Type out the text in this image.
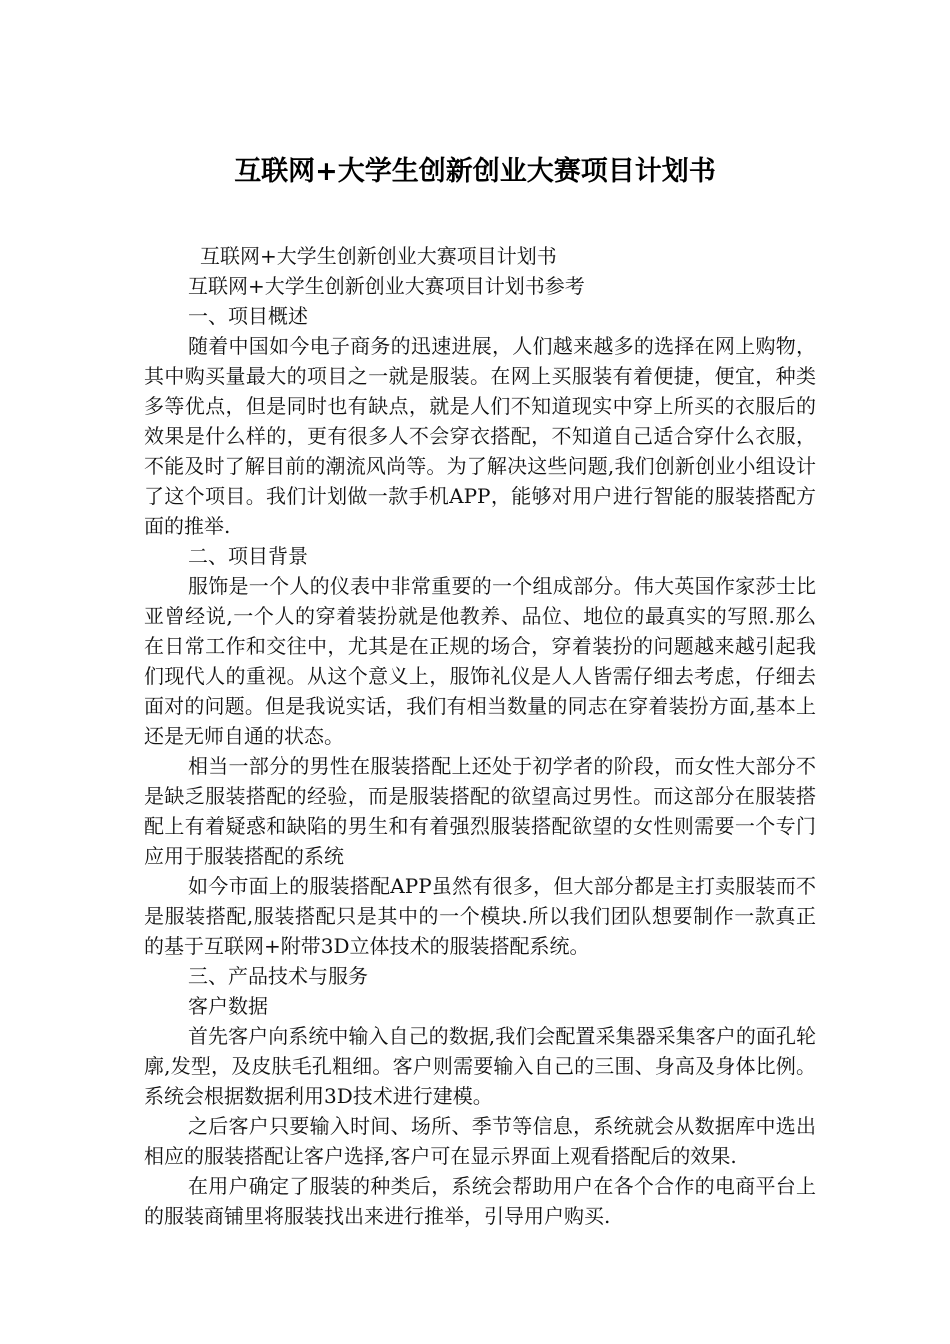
互联网+大学生创新创业大赛项目计划书

互联网+大学生创新创业大赛项目计划书

互联网+大学生创新创业大赛项目计划书参考

一、项目概述

随着中国如今电子商务的迅速进展，人们越来越多的选择在网上购物，其中购买量最大的项目之一就是服装。在网上买服装有着便捷，便宜，种类多等优点，但是同时也有缺点，就是人们不知道现实中穿上所买的衣服后的效果是什么样的，更有很多人不会穿衣搭配，不知道自己适合穿什么衣服，不能及时了解目前的潮流风尚等。为了解决这些问题,我们创新创业小组设计了这个项目。我们计划做一款手机APP，能够对用户进行智能的服装搭配方面的推举.

二、项目背景

服饰是一个人的仪表中非常重要的一个组成部分。伟大英国作家莎士比亚曾经说,一个人的穿着装扮就是他教养、品位、地位的最真实的写照.那么在日常工作和交往中，尤其是在正规的场合，穿着装扮的问题越来越引起我们现代人的重视。从这个意义上，服饰礼仪是人人皆需仔细去考虑，仔细去面对的问题。但是我说实话，我们有相当数量的同志在穿着装扮方面,基本上还是无师自通的状态。

相当一部分的男性在服装搭配上还处于初学者的阶段，而女性大部分不是缺乏服装搭配的经验，而是服装搭配的欲望高过男性。而这部分在服装搭配上有着疑惑和缺陷的男生和有着强烈服装搭配欲望的女性则需要一个专门应用于服装搭配的系统

如今市面上的服装搭配APP虽然有很多，但大部分都是主打卖服装而不是服装搭配,服装搭配只是其中的一个模块.所以我们团队想要制作一款真正的基于互联网+附带3D立体技术的服装搭配系统。

三、产品技术与服务

客户数据

首先客户向系统中输入自己的数据,我们会配置采集器采集客户的面孔轮廓,发型，及皮肤毛孔粗细。客户则需要输入自己的三围、身高及身体比例。系统会根据数据利用3D技术进行建模。

之后客户只要输入时间、场所、季节等信息，系统就会从数据库中选出相应的服装搭配让客户选择,客户可在显示界面上观看搭配后的效果.

在用户确定了服装的种类后，系统会帮助用户在各个合作的电商平台上的服装商铺里将服装找出来进行推举，引导用户购买.
